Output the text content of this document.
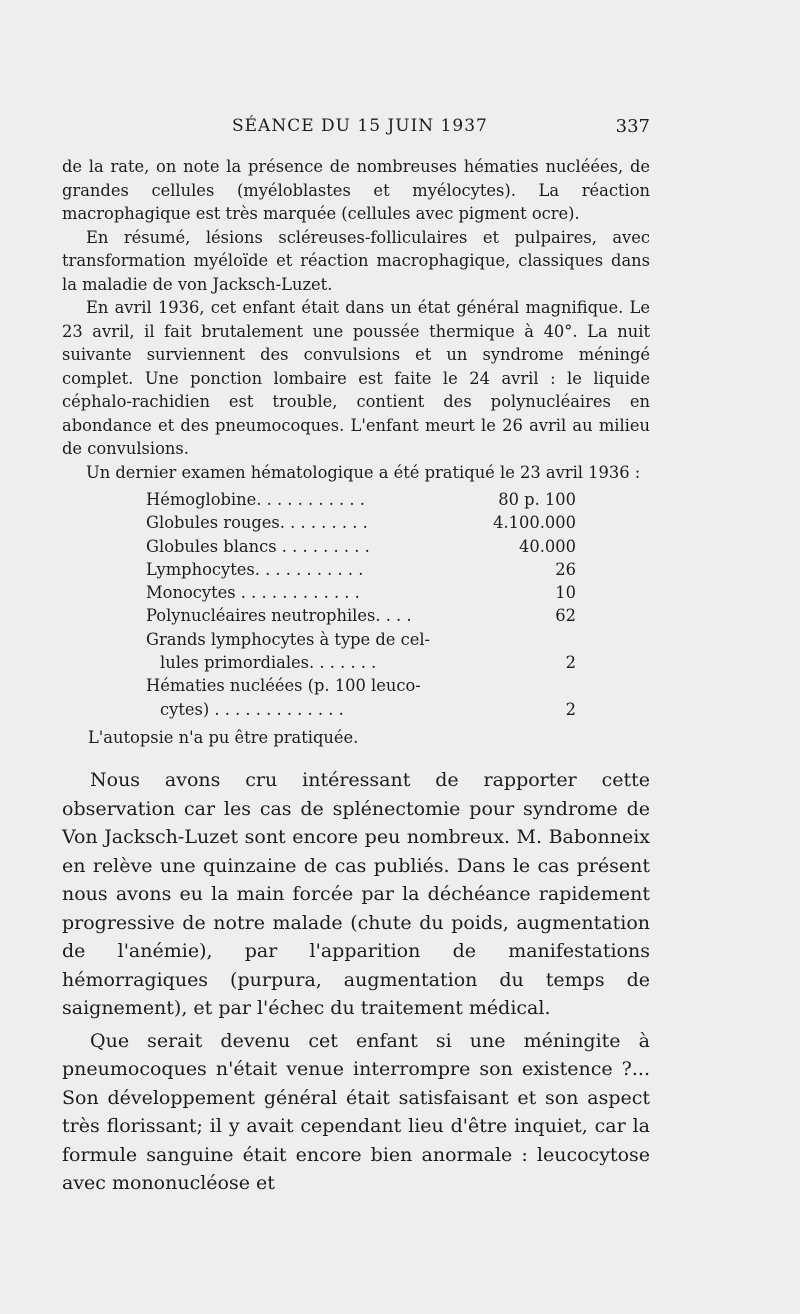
SÉANCE DU 15 JUIN 1937	337

de la rate, on note la présence de nombreuses hématies nucléées, de grandes cellules (myéloblastes et myélocytes). La réaction macrophagique est très marquée (cellules avec pigment ocre).

En résumé, lésions scléreuses-folliculaires et pulpaires, avec transformation myéloïde et réaction macrophagique, classiques dans la maladie de von Jacksch-Luzet.

En avril 1936, cet enfant était dans un état général magnifique. Le 23 avril, il fait brutalement une poussée thermique à 40°. La nuit suivante surviennent des convulsions et un syndrome méningé complet. Une ponction lombaire est faite le 24 avril : le liquide céphalo-rachidien est trouble, contient des polynucléaires en abondance et des pneumocoques. L'enfant meurt le 26 avril au milieu de convulsions.

Un dernier examen hématologique a été pratiqué le 23 avril 1936 :

Hémoglobine. . . . . . . . . . .	80 p. 100
Globules rouges. . . . . . . . .	4.100.000
Globules blancs . . . . . . . . .	40.000
Lymphocytes. . . . . . . . . . .	26
Monocytes . . . . . . . . . . . .	10
Polynucléaires neutrophiles. . . .	62
Grands lymphocytes à type de cel-
lules primordiales. . . . . . .	2
Hématies nucléées (p. 100 leuco-
cytes) . . . . . . . . . . . . .	2

L'autopsie n'a pu être pratiquée.

Nous avons cru intéressant de rapporter cette observation car les cas de splénectomie pour syndrome de Von Jacksch-Luzet sont encore peu nombreux. M. Babonneix en relève une quinzaine de cas publiés. Dans le cas présent nous avons eu la main forcée par la déchéance rapidement progressive de notre malade (chute du poids, augmentation de l'anémie), par l'apparition de manifestations hémorragiques (purpura, augmentation du temps de saignement), et par l'échec du traitement médical.

Que serait devenu cet enfant si une méningite à pneumocoques n'était venue interrompre son existence ?... Son développement général était satisfaisant et son aspect très florissant; il y avait cependant lieu d'être inquiet, car la formule sanguine était encore bien anormale : leucocytose avec mononucléose et
